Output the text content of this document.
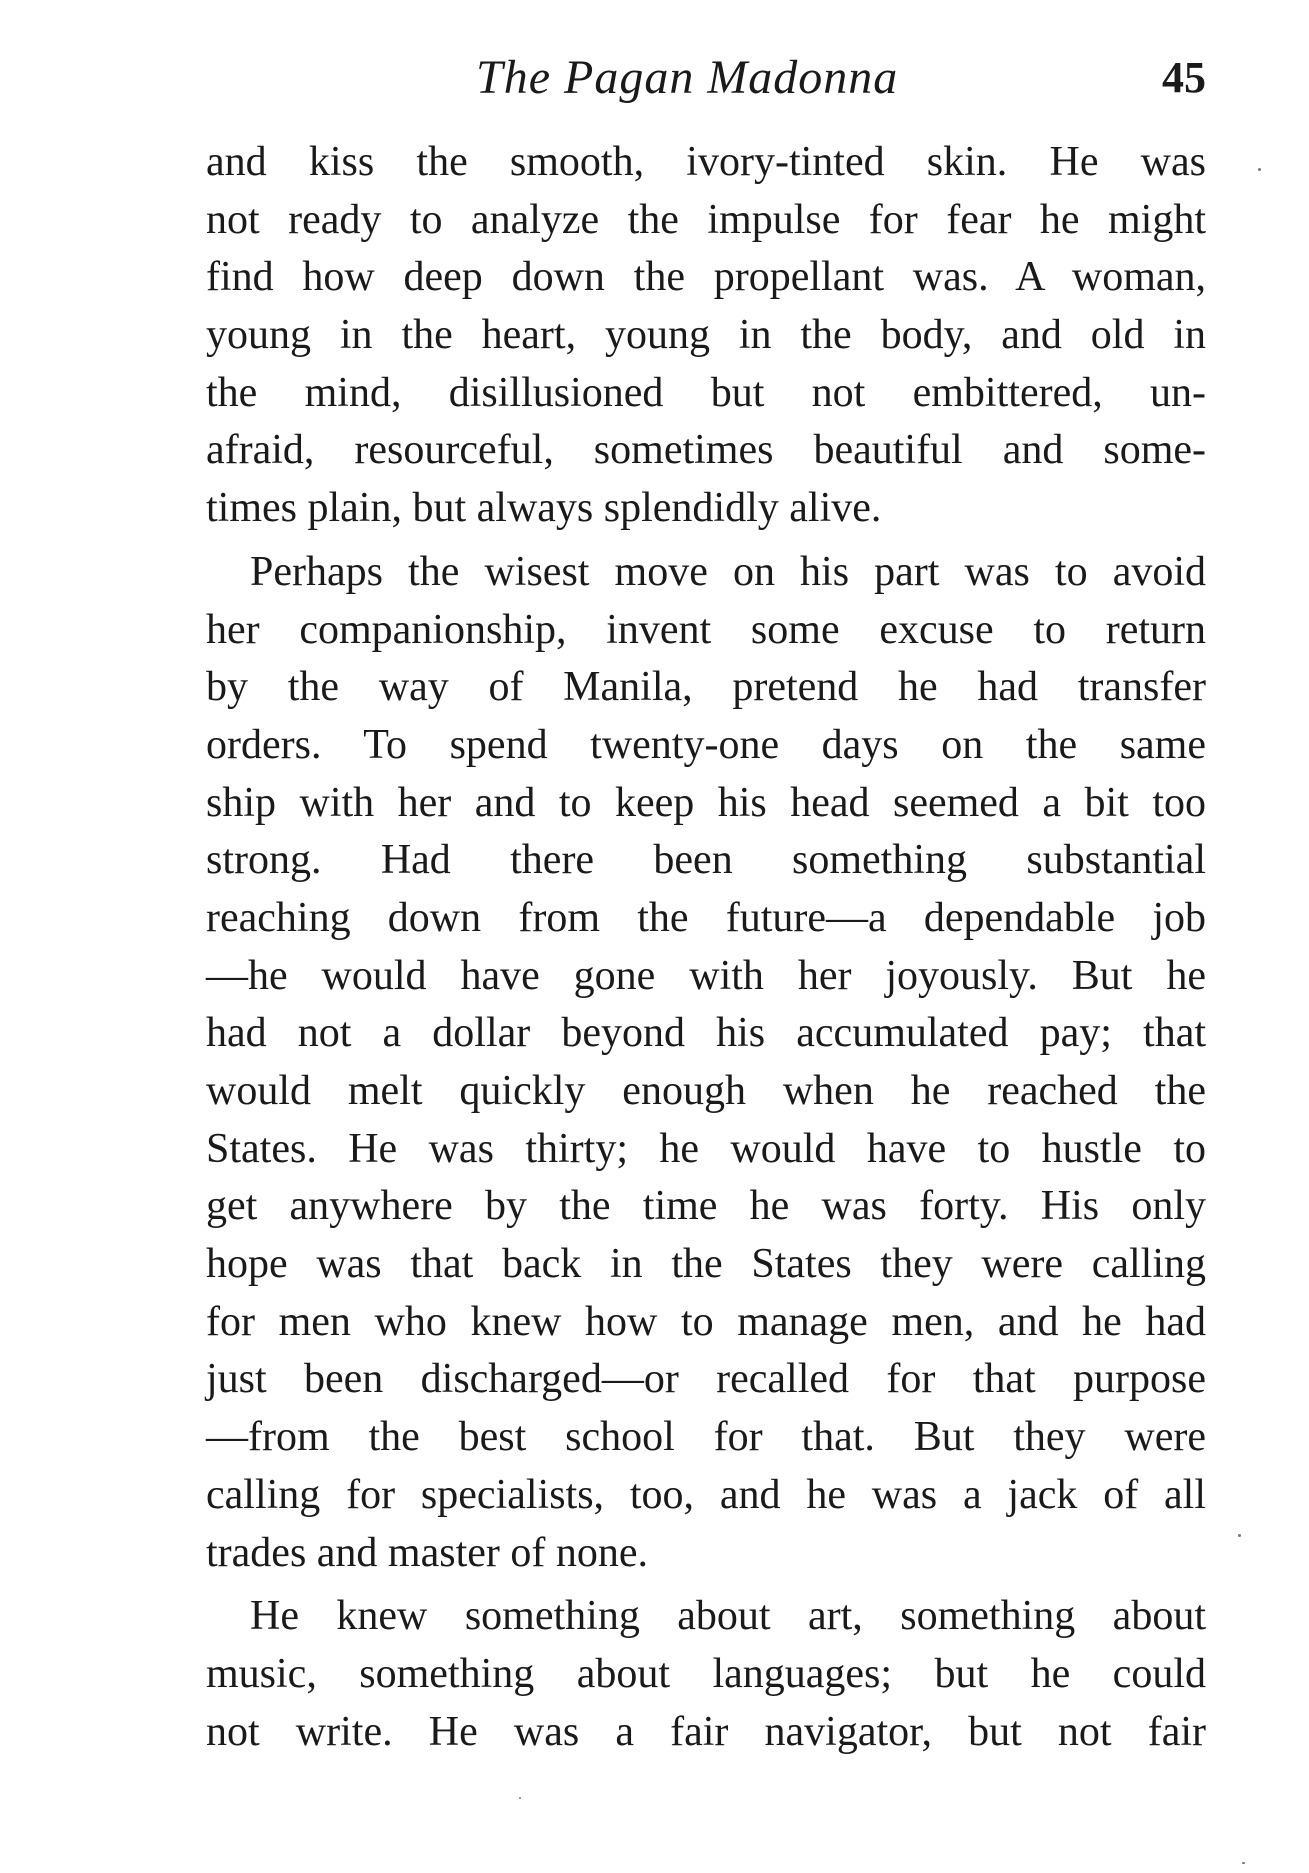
The Pagan Madonna	45
and kiss the smooth, ivory-tinted skin. He was
not ready to analyze the impulse for fear he might
find how deep down the propellant was. A woman,
young in the heart, young in the body, and old in
the mind, disillusioned but not embittered, un-
afraid, resourceful, sometimes beautiful and some-
times plain, but always splendidly alive.
Perhaps the wisest move on his part was to avoid
her companionship, invent some excuse to return
by the way of Manila, pretend he had transfer
orders. To spend twenty-one days on the same
ship with her and to keep his head seemed a bit too
strong. Had there been something substantial
reaching down from the future—a dependable job
—he would have gone with her joyously. But he
had not a dollar beyond his accumulated pay; that
would melt quickly enough when he reached the
States. He was thirty; he would have to hustle to
get anywhere by the time he was forty. His only
hope was that back in the States they were calling
for men who knew how to manage men, and he had
just been discharged—or recalled for that purpose
—from the best school for that. But they were
calling for specialists, too, and he was a jack of all
trades and master of none.
He knew something about art, something about
music, something about languages; but he could
not write. He was a fair navigator, but not fair
